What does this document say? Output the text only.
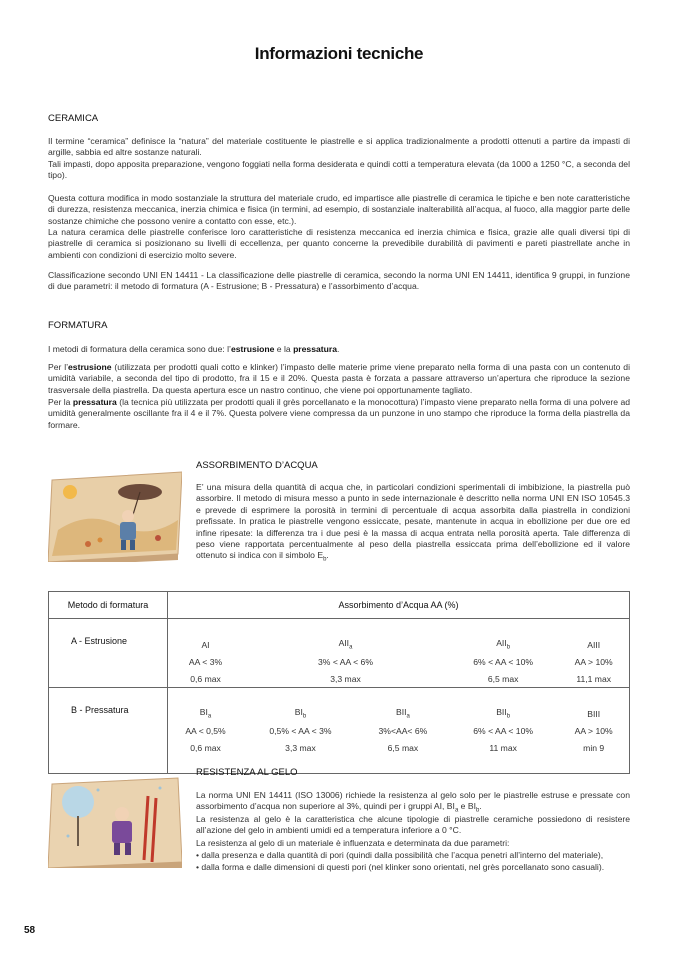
Informazioni tecniche
CERAMICA

Il termine “ceramica” definisce la “natura” del materiale costituente le piastrelle e si applica tradizionalmente a prodotti ottenuti a partire da impasti di argille, sabbia ed altre sostanze naturali.

Tali impasti, dopo apposita preparazione, vengono foggiati nella forma desiderata e quindi cotti a temperatura elevata (da 1000 a 1250 °C, a seconda del tipo).

Questa cottura modifica in modo sostanziale la struttura del materiale crudo, ed impartisce alle piastrelle di ceramica le tipiche e ben note caratteristiche di durezza, resistenza meccanica, inerzia chimica e fisica (in termini, ad esempio, di sostanziale inalterabilità all’acqua, al fuoco, alla maggior parte delle sostanze chimiche che possono venire a contatto con esse, etc.).

La natura ceramica delle piastrelle conferisce loro caratteristiche di resistenza meccanica ed inerzia chimica e fisica, grazie alle quali diversi tipi di piastrelle di ceramica si posizionano su livelli di eccellenza, per quanto concerne la prevedibile durabilità di pavimenti e pareti piastrellate anche in ambienti con condizioni di esercizio molto severe.

Classificazione secondo UNI EN 14411 - La classificazione delle piastrelle di ceramica, secondo la norma UNI EN 14411, identifica 9 gruppi, in funzione di due parametri: il metodo di formatura (A - Estrusione; B - Pressatura) e l’assorbimento d’acqua.

FORMATURA

I metodi di formatura della ceramica sono due: l’estrusione e la pressatura.

Per l’estrusione (utilizzata per prodotti quali cotto e klinker) l’impasto delle materie prime viene preparato nella forma di una pasta con un contenuto di umidità variabile, a seconda del tipo di prodotto, fra il 15 e il 20%. Questa pasta è forzata a passare attraverso un’apertura che riproduce la sezione trasversale della piastrella. Da questa apertura esce un nastro continuo, che viene poi opportunamente tagliato.

Per la pressatura (la tecnica più utilizzata per prodotti quali il grès porcellanato e la monocottura) l’impasto viene preparato nella forma di una polvere ad umidità generalmente oscillante fra il 4 e il 7%. Questa polvere viene compressa da un punzone in uno stampo che riproduce la forma della piastrella da formare.

ASSORBIMENTO D’ACQUA

E’ una misura della quantità di acqua che, in particolari condizioni sperimentali di imbibizione, la piastrella può assorbire. Il metodo di misura messo a punto in sede internazionale è descritto nella norma UNI EN ISO 10545.3 e prevede di esprimere la porosità in termini di percentuale di acqua assorbita dalla piastrella in condizioni prefissate. In pratica le piastrelle vengono essiccate, pesate, mantenute in acqua in ebollizione per due ore ed infine ripesate: la differenza tra i due pesi è la massa di acqua entrata nella porosità aperta. Tale differenza di peso viene rapportata percentualmente al peso della piastrella essiccata prima dell’ebollizione ed il valore ottenuto si indica con il simbolo $E_b$.

Metodo di formatura	Assorbimento d’Acqua AA (%)				

A - Estrusione	AI	$AII_a$		$AII_b$	AIII
	AA < 3%	3% < AA < 6%		6% < AA < 10%	AA > 10%
	0,6 max	3,3 max		6,5 max	11,1 max

B - Pressatura	$BI_a$	$BI_b$	$BII_a$	$BII_b$	BIII
	AA < 0,5%	0,5% < AA < 3%	3%<AA< 6%	6% < AA < 10%	AA > 10%
	0,6 max	3,3 max	6,5 max	11 max	min 9

RESISTENZA AL GELO

La norma UNI EN 14411 (ISO 13006) richiede la resistenza al gelo solo per le piastrelle estruse e pressate con assorbimento d’acqua non superiore al 3%, quindi per i gruppi AI, $BI_a$ e $BI_b$.

La resistenza al gelo è la caratteristica che alcune tipologie di piastrelle ceramiche possiedono di resistere all’azione del gelo in ambienti umidi ed a temperatura inferiore a 0 °C.

La resistenza al gelo di un materiale è influenzata e determinata da due parametri:

• dalla presenza e dalla quantità di pori (quindi dalla possibilità che l’acqua penetri all’interno del materiale),

• dalla forma e dalle dimensioni di questi pori (nel klinker sono orientati, nel grès porcellanato sono casuali).

58
